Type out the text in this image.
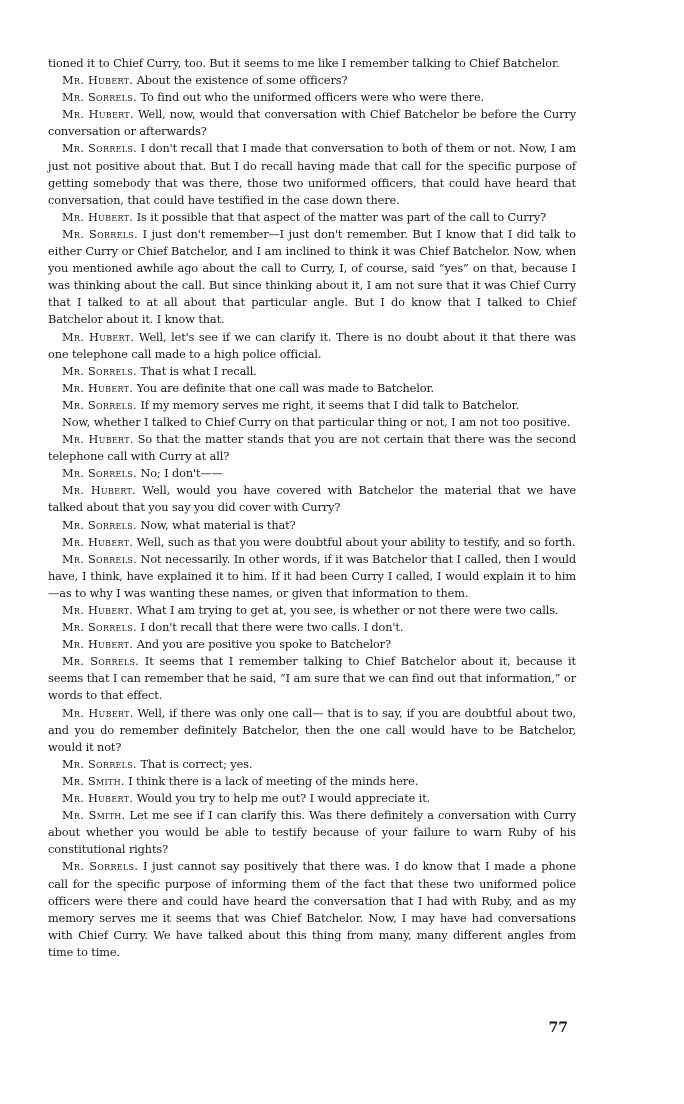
tioned it to Chief Curry, too. But it seems to me like I remember talking to Chief Batchelor.

Mr. Hubert. About the existence of some officers?

Mr. Sorrels. To find out who the uniformed officers were who were there.

Mr. Hubert. Well, now, would that conversation with Chief Batchelor be before the Curry conversation or afterwards?

Mr. Sorrels. I don't recall that I made that conversation to both of them or not. Now, I am just not positive about that. But I do recall having made that call for the specific purpose of getting somebody that was there, those two uniformed officers, that could have heard that conversation, that could have testified in the case down there.

Mr. Hubert. Is it possible that that aspect of the matter was part of the call to Curry?

Mr. Sorrels. I just don't remember—I just don't remember. But I know that I did talk to either Curry or Chief Batchelor, and I am inclined to think it was Chief Batchelor. Now, when you mentioned awhile ago about the call to Curry, I, of course, said “yes” on that, because I was thinking about the call. But since thinking about it, I am not sure that it was Chief Curry that I talked to at all about that particular angle. But I do know that I talked to Chief Batchelor about it. I know that.

Mr. Hubert. Well, let's see if we can clarify it. There is no doubt about it that there was one telephone call made to a high police official.

Mr. Sorrels. That is what I recall.

Mr. Hubert. You are definite that one call was made to Batchelor.

Mr. Sorrels. If my memory serves me right, it seems that I did talk to Batchelor.

Now, whether I talked to Chief Curry on that particular thing or not, I am not too positive.

Mr. Hubert. So that the matter stands that you are not certain that there was the second telephone call with Curry at all?

Mr. Sorrels. No; I don't——

Mr. Hubert. Well, would you have covered with Batchelor the material that we have talked about that you say you did cover with Curry?

Mr. Sorrels. Now, what material is that?

Mr. Hubert. Well, such as that you were doubtful about your ability to testify, and so forth.

Mr. Sorrels. Not necessarily. In other words, if it was Batchelor that I called, then I would have, I think, have explained it to him. If it had been Curry I called, I would explain it to him—as to why I was wanting these names, or given that information to them.

Mr. Hubert. What I am trying to get at, you see, is whether or not there were two calls.

Mr. Sorrels. I don't recall that there were two calls. I don't.

Mr. Hubert. And you are positive you spoke to Batchelor?

Mr. Sorrels. It seems that I remember talking to Chief Batchelor about it, because it seems that I can remember that he said, “I am sure that we can find out that information,” or words to that effect.

Mr. Hubert. Well, if there was only one call— that is to say, if you are doubtful about two, and you do remember definitely Batchelor, then the one call would have to be Batchelor, would it not?

Mr. Sorrels. That is correct; yes.

Mr. Smith. I think there is a lack of meeting of the minds here.

Mr. Hubert. Would you try to help me out? I would appreciate it.

Mr. Smith. Let me see if I can clarify this. Was there definitely a conversation with Curry about whether you would be able to testify because of your failure to warn Ruby of his constitutional rights?

Mr. Sorrels. I just cannot say positively that there was. I do know that I made a phone call for the specific purpose of informing them of the fact that these two uniformed police officers were there and could have heard the conversation that I had with Ruby, and as my memory serves me it seems that was Chief Batchelor. Now, I may have had conversations with Chief Curry. We have talked about this thing from many, many different angles from time to time.

77
